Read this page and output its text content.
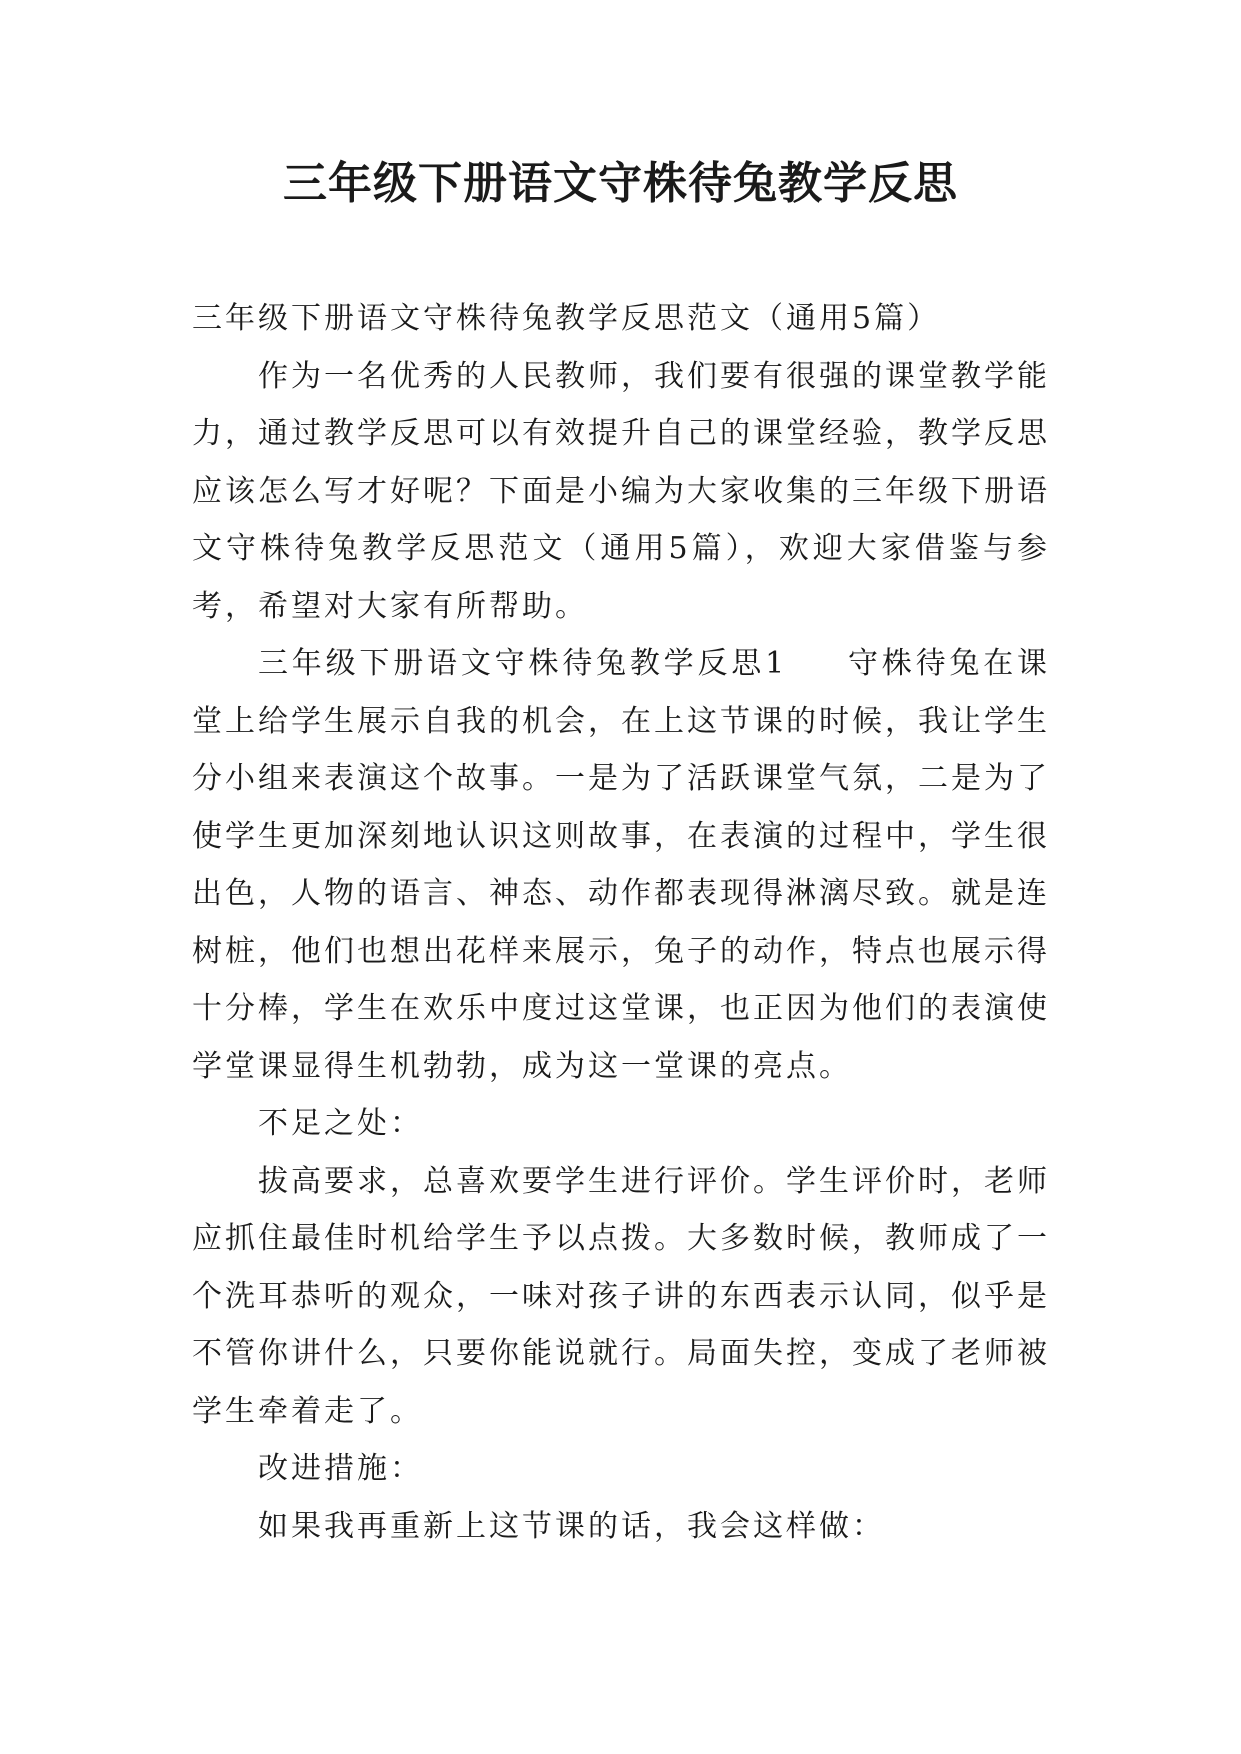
三年级下册语文守株待兔教学反思

三年级下册语文守株待兔教学反思范文（通用5篇）

作为一名优秀的人民教师，我们要有很强的课堂教学能力，通过教学反思可以有效提升自己的课堂经验，教学反思应该怎么写才好呢？下面是小编为大家收集的三年级下册语文守株待兔教学反思范文（通用5篇），欢迎大家借鉴与参考，希望对大家有所帮助。

三年级下册语文守株待兔教学反思1 守株待兔在课堂上给学生展示自我的机会，在上这节课的时候，我让学生分小组来表演这个故事。一是为了活跃课堂气氛，二是为了使学生更加深刻地认识这则故事，在表演的过程中，学生很出色，人物的语言、神态、动作都表现得淋漓尽致。就是连树桩，他们也想出花样来展示，兔子的动作，特点也展示得十分棒，学生在欢乐中度过这堂课，也正因为他们的表演使学堂课显得生机勃勃，成为这一堂课的亮点。

不足之处：

拔高要求，总喜欢要学生进行评价。学生评价时，老师应抓住最佳时机给学生予以点拨。大多数时候，教师成了一个洗耳恭听的观众，一味对孩子讲的东西表示认同，似乎是不管你讲什么，只要你能说就行。局面失控，变成了老师被学生牵着走了。

改进措施：

如果我再重新上这节课的话，我会这样做：
